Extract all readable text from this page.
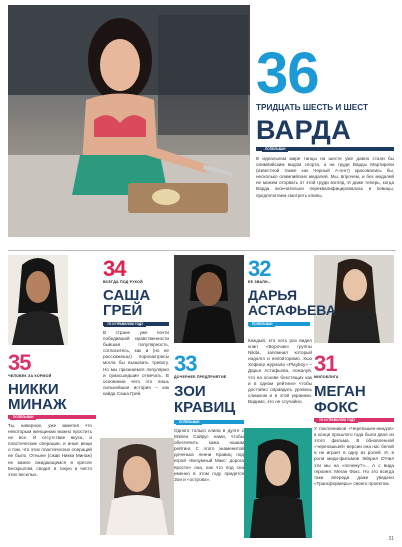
36
ТРИДЦАТЬ ШЕСТЬ И ШЕСТ
ВАРДА
ПОПЕЛЬВАН
В идеальном мире танцы на шесте уже давно стали бы олимпийским видом спорта, а на груди Варды Мартирели (известной также как Черный А-гент) красовались бы, несколько олимпийских медалей. Мы, впрочем, и без медалей не можем оторвать от этой груди взгляд. И даже теперь, когда Варда окончательно переквалифицировалась в певицы, предпочитаем смотреть клипы.
34
ВСЕГДА ПОД РУКОЙ
САША
ГРЕЙ
ТО И ПРАВИЛОМ ГОДУ
В стране уже почти победившей нравственности бывшая популярность, согласитесь, как и (но не расскажешь!) порноактрисы могла бы вызывать тревогу. Но мы признаемся популярно и сумасшедшие отмечать. В основании чего это лишь сильнейшая история – как кайда Саша Грей.
32
ЕЕ ЗВАЛИ...
ДАРЬЯ
АСТАФЬЕВА
ПОПЕЛЬВАН
Каждый, кто хоть раз видел клип «Ворочаи» группы Nikita, запомнил который надолго и неповторимо. Хью Хефнер журнала «Playboy» – Дарья Астафьева, пожалуй, что на основе блестящих как и в одном рейтинге чтобы достойно оправдать уровень слишком и в этой украинки. Видимо, это не случайно.
35
ЧЕЛОВЕК ЗА КОРМОЙ
НИККИ
МИНАЖ
ПОПЕЛЬВАН
Ты, наверное, уже заметил что некоторым женщинам можно простить не все. И отсутствие вкуса, и пластические операции, и иные вещи о том, что этих пластических операций не было. Отныне (сжав Никки Минаж) не важно ожидающемся в кресле Бескрылом, сводит в такую и чисто этих веселых.
33
ДОЧЕРНЕЕ ПРЕДПРИЯТИЕ
ЗОИ
КРАВИЦ
ПОПЕЛЬВАН
Одного только клипа в дуэте с Мэйли Сайрус нами, чтобы обеспечить кажа нашим рейтинг. С этого знаменитой доченька ленни Кравиц под игрой «Безумный Макс: дорога ярости» она, как что под сна именно в этом году придется Зои и «острова».
31
МИЛОБЛИГА
МЕГАН
ФОКС
ТО И ПРАВИЛОМ ГОДУ
У поклонников «Черепашек-ниндзя» в конце прошлого года были двое из этого фильма. В обновленной «черепашьей» версии она нас белой и не играет в одну из ролей. И, в роли меди-фильмов Эйприл О'Нил эти мы на «почему?»... А с вида героиня: Меган Фокс. Но это всегда таки впереди даже уведено «Трансформеры» своего проектом.
31
